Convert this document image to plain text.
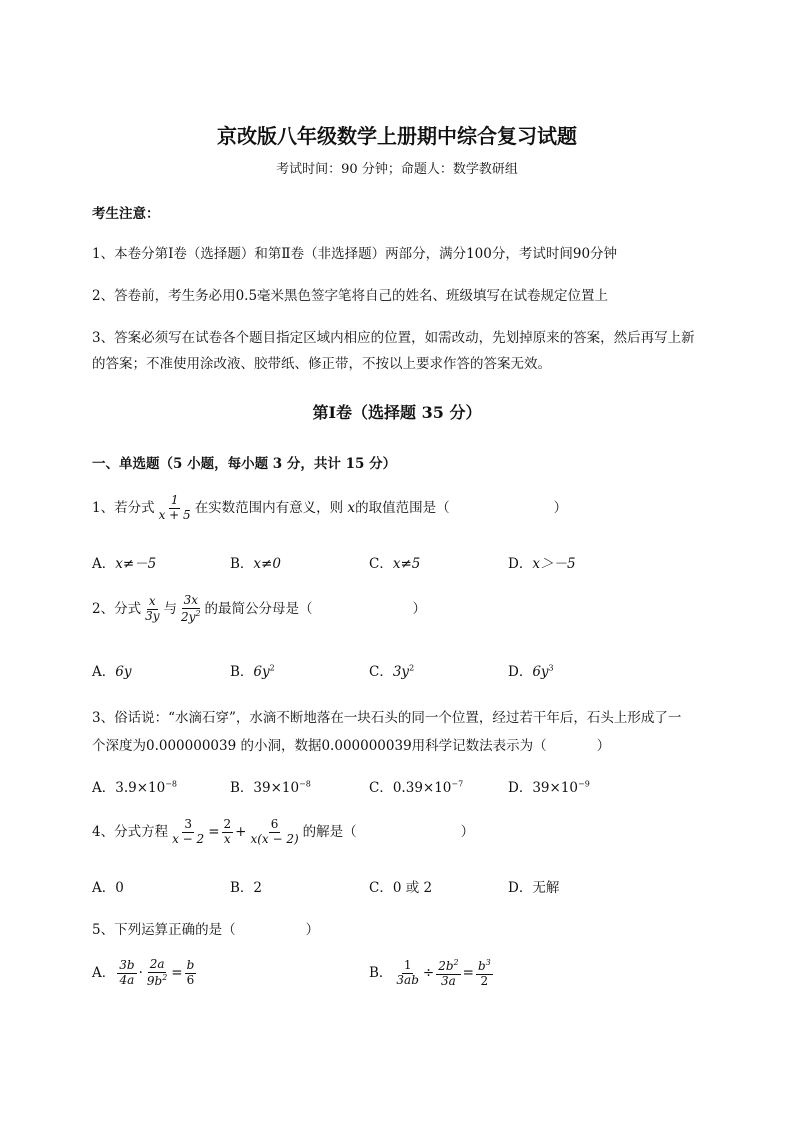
京改版八年级数学上册期中综合复习试题
考试时间：90 分钟；命题人：数学教研组
考生注意：
1、本卷分第Ⅰ卷（选择题）和第Ⅱ卷（非选择题）两部分，满分100分，考试时间90分钟
2、答卷前，考生务必用0.5毫米黑色签字笔将自己的姓名、班级填写在试卷规定位置上
3、答案必须写在试卷各个题目指定区域内相应的位置，如需改动，先划掉原来的答案，然后再写上新
的答案；不准使用涂改液、胶带纸、修正带，不按以上要求作答的答案无效。
第Ⅰ卷（选择题 35 分）
一、单选题（5 小题，每小题 3 分，共计 15 分）
1、若分式 $\frac{1}{x + 5}$ 在实数范围内有意义，则 x的取值范围是（	）
A．x≠－5	B．x≠0	C．x≠5	D．x＞－5
2、分式 $\frac{x}{3y}$ 与 $\frac{3x}{2y^2}$ 的最简公分母是（	）
A．6y	B．$6y^2$	C．$3y^2$	D．$6y^3$
3、俗话说：“水滴石穿”，水滴不断地落在一块石头的同一个位置，经过若干年后，石头上形成了一
个深度为0.000000039 的小洞，数据0.000000039用科学记数法表示为（	）
A．$3.9\times 10^{-8}$	B．$39\times 10^{-8}$	C．$0.39\times 10^{-7}$	D．$39\times 10^{-9}$
4、分式方程 $\frac{3}{x - 2} = \frac{2}{x} + \frac{6}{x(x - 2)}$ 的解是（	）
A．0	B．2	C．0 或 2	D．无解
5、下列运算正确的是（	）
A． $\frac{3b}{4a} \cdot \frac{2a}{9b^2} = \frac{b}{6}$	B． $\frac{1}{3ab} \div \frac{2b^2}{3a} = \frac{b^3}{2}$
